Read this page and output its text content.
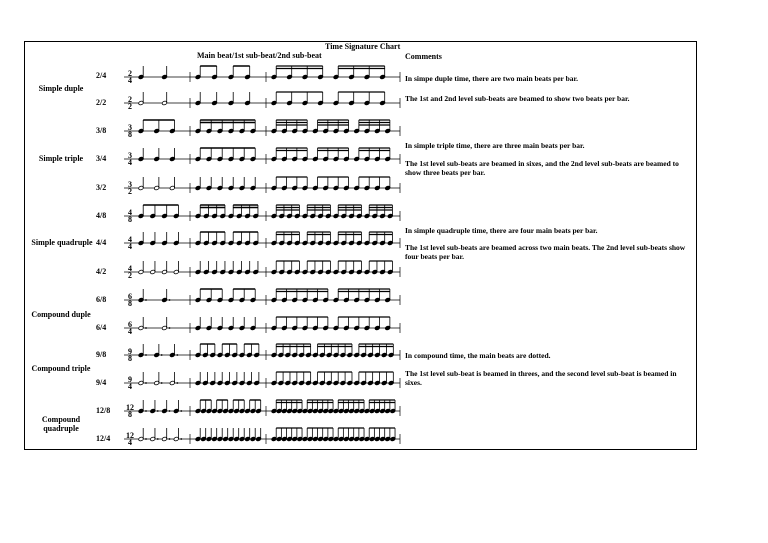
Time Signature Chart
Main beat/1st sub-beat/2nd sub-beat	Comments
Simple duple
Simple triple
Simple quadruple
Compound duple
Compound triple
Compound quadruple
2/4
2/2
3/8
3/4
3/2
4/8
4/4
4/2
6/8
6/4
9/8
9/4
12/8
12/4
In simpe duple time, there are two main beats per bar.
The 1st and 2nd level sub-beats are beamed to show two beats per bar.
In simple triple time, there are three main beats per bar.
The 1st level sub-beats are beamed in sixes, and the 2nd level sub-beats are beamed to show three beats per bar.
In simple quadruple time, there are four main beats per bar.
The 1st level sub-beats are beamed across two main beats. The 2nd level sub-beats show four beats per bar.
In compound time, the main beats are dotted.
The 1st level sub-beat is beamed in threes, and the second level sub-beat is beamed in sixes.
2
4
2
2
3
8
3
4
3
2
4
8
4
4
4
2
6
8
6
4
9
8
9
4
12
8
12
4
